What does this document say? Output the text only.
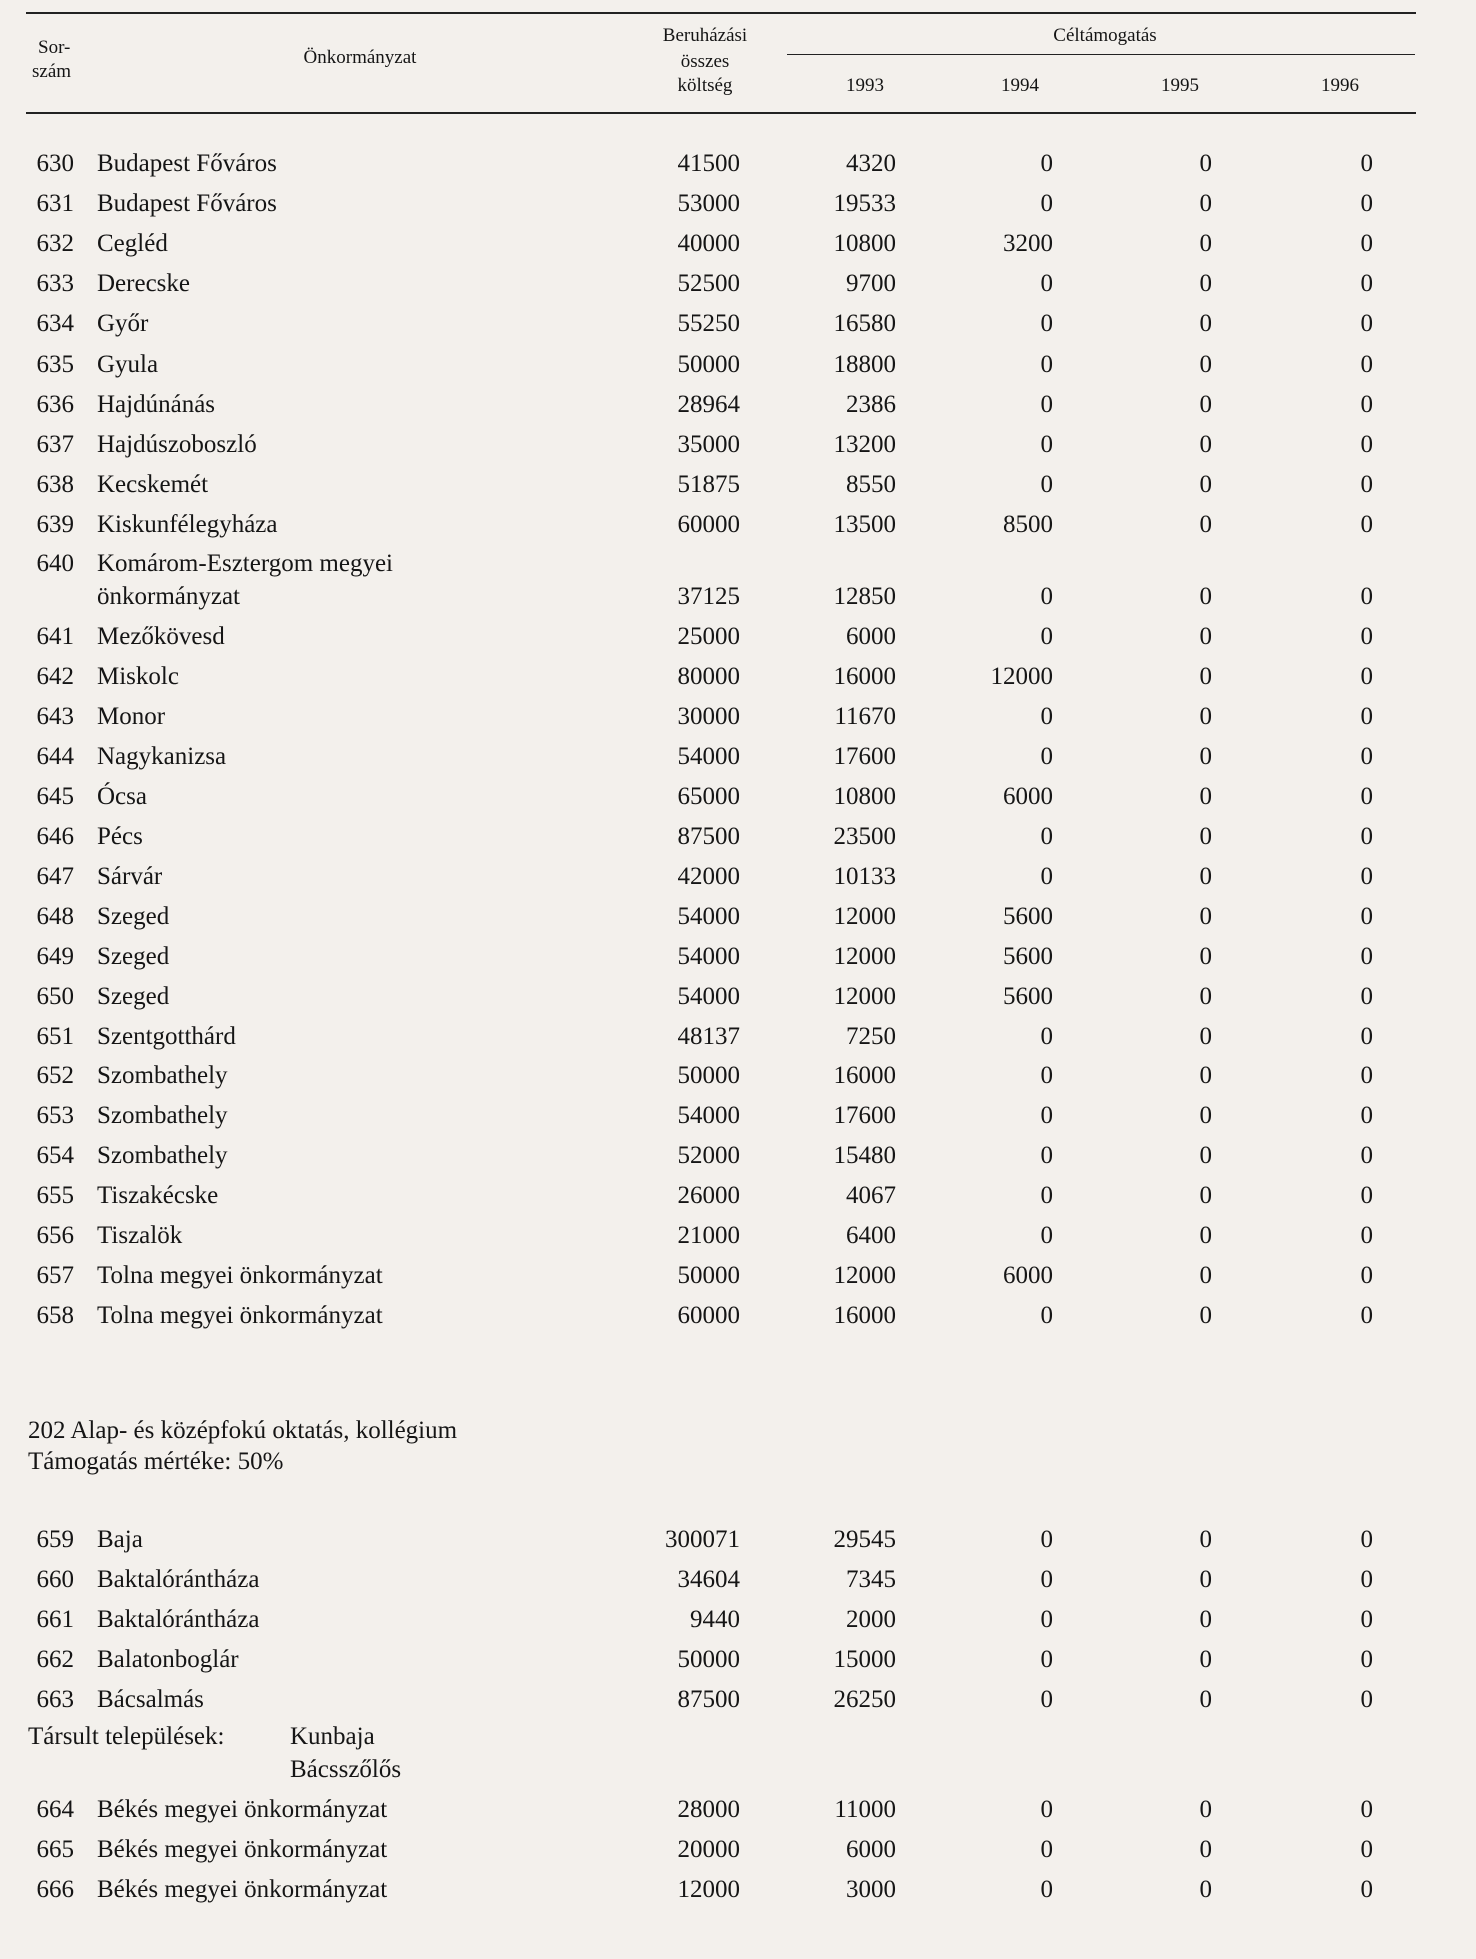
Sor-
szám
Önkormányzat
Beruházási
összes
költség
Céltámogatás
1993	1994	1995	1996
630 Budapest Főváros	41500	4320	0	0	0
631 Budapest Főváros	53000	19533	0	0	0
632 Cegléd	40000	10800	3200	0	0
633 Derecske	52500	9700	0	0	0
634 Győr	55250	16580	0	0	0
635 Gyula	50000	18800	0	0	0
636 Hajdúnánás	28964	2386	0	0	0
637 Hajdúszoboszló	35000	13200	0	0	0
638 Kecskemét	51875	8550	0	0	0
639 Kiskunfélegyháza	60000	13500	8500	0	0
640 Komárom-Esztergom megyei
önkormányzat	37125	12850	0	0	0
641 Mezőkövesd	25000	6000	0	0	0
642 Miskolc	80000	16000	12000	0	0
643 Monor	30000	11670	0	0	0
644 Nagykanizsa	54000	17600	0	0	0
645 Ócsa	65000	10800	6000	0	0
646 Pécs	87500	23500	0	0	0
647 Sárvár	42000	10133	0	0	0
648 Szeged	54000	12000	5600	0	0
649 Szeged	54000	12000	5600	0	0
650 Szeged	54000	12000	5600	0	0
651 Szentgotthárd	48137	7250	0	0	0
652 Szombathely	50000	16000	0	0	0
653 Szombathely	54000	17600	0	0	0
654 Szombathely	52000	15480	0	0	0
655 Tiszakécske	26000	4067	0	0	0
656 Tiszalök	21000	6400	0	0	0
657 Tolna megyei önkormányzat	50000	12000	6000	0	0
658 Tolna megyei önkormányzat	60000	16000	0	0	0
202 Alap- és középfokú oktatás, kollégium
Támogatás mértéke: 50%
659 Baja	300071	29545	0	0	0
660 Baktalórántháza	34604	7345	0	0	0
661 Baktalórántháza	9440	2000	0	0	0
662 Balatonboglár	50000	15000	0	0	0
663 Bácsalmás	87500	26250	0	0	0
Társult települések:	Kunbaja
Bácsszőlős
664 Békés megyei önkormányzat	28000	11000	0	0	0
665 Békés megyei önkormányzat	20000	6000	0	0	0
666 Békés megyei önkormányzat	12000	3000	0	0	0
